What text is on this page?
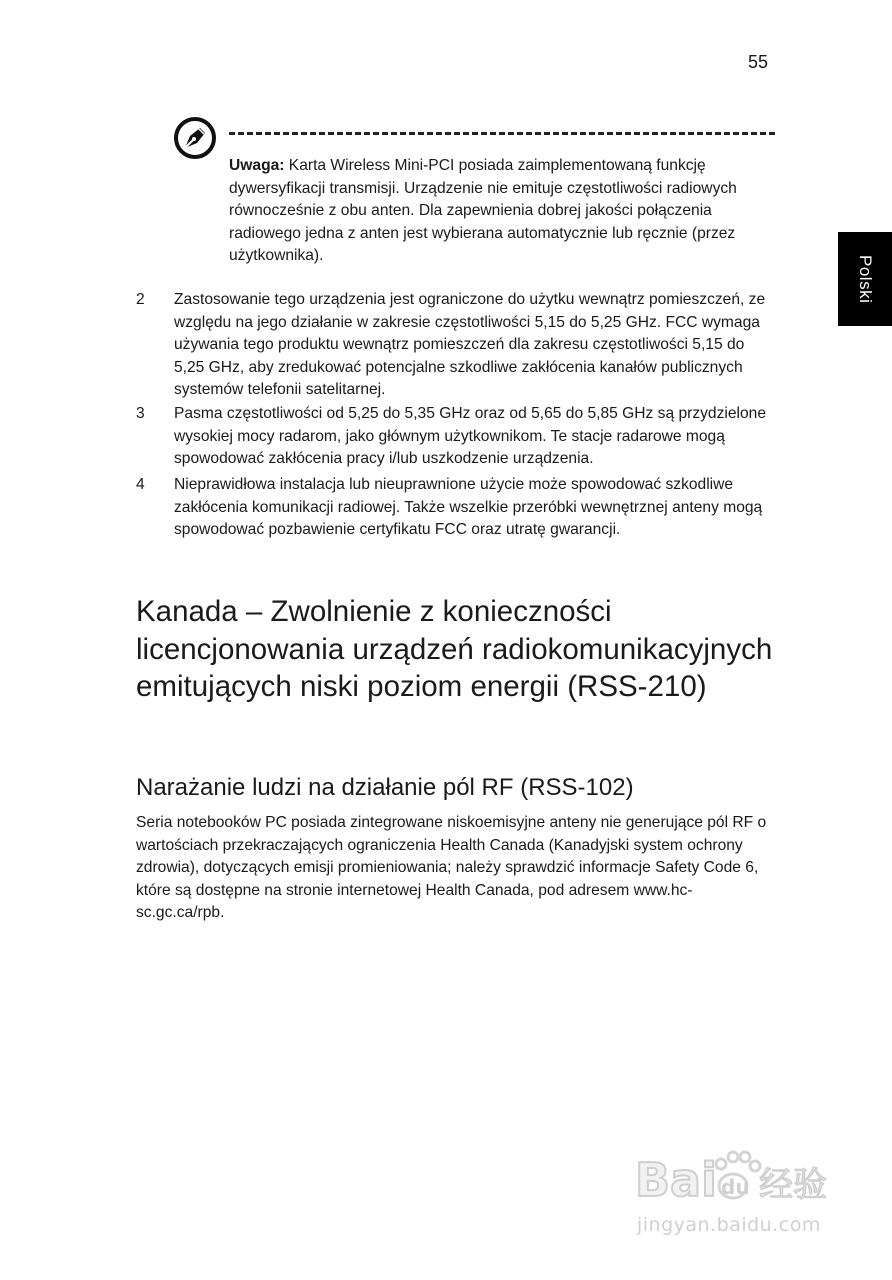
55
Polski
Uwaga: Karta Wireless Mini-PCI posiada zaimplementowaną funkcję dywersyfikacji transmisji. Urządzenie nie emituje częstotliwości radiowych równocześnie z obu anten. Dla zapewnienia dobrej jakości połączenia radiowego jedna z anten jest wybierana automatycznie lub ręcznie (przez użytkownika).
2 Zastosowanie tego urządzenia jest ograniczone do użytku wewnątrz pomieszczeń, ze względu na jego działanie w zakresie częstotliwości 5,15 do 5,25 GHz. FCC wymaga używania tego produktu wewnątrz pomieszczeń dla zakresu częstotliwości 5,15 do 5,25 GHz, aby zredukować potencjalne szkodliwe zakłócenia kanałów publicznych systemów telefonii satelitarnej.
3 Pasma częstotliwości od 5,25 do 5,35 GHz oraz od 5,65 do 5,85 GHz są przydzielone wysokiej mocy radarom, jako głównym użytkownikom. Te stacje radarowe mogą spowodować zakłócenia pracy i/lub uszkodzenie urządzenia.
4 Nieprawidłowa instalacja lub nieuprawnione użycie może spowodować szkodliwe zakłócenia komunikacji radiowej. Także wszelkie przeróbki wewnętrznej anteny mogą spowodować pozbawienie certyfikatu FCC oraz utratę gwarancji.
Kanada – Zwolnienie z konieczności licencjonowania urządzeń radiokomunikacyjnych emitujących niski poziom energii (RSS-210)
Narażanie ludzi na działanie pól RF (RSS-102)
Seria notebooków PC posiada zintegrowane niskoemisyjne anteny nie generujące pól RF o wartościach przekraczających ograniczenia Health Canada (Kanadyjski system ochrony zdrowia), dotyczących emisji promieniowania; należy sprawdzić informacje Safety Code 6, które są dostępne na stronie internetowej Health Canada, pod adresem www.hc-sc.gc.ca/rpb.
Bai du 经验
jingyan.baidu.com
